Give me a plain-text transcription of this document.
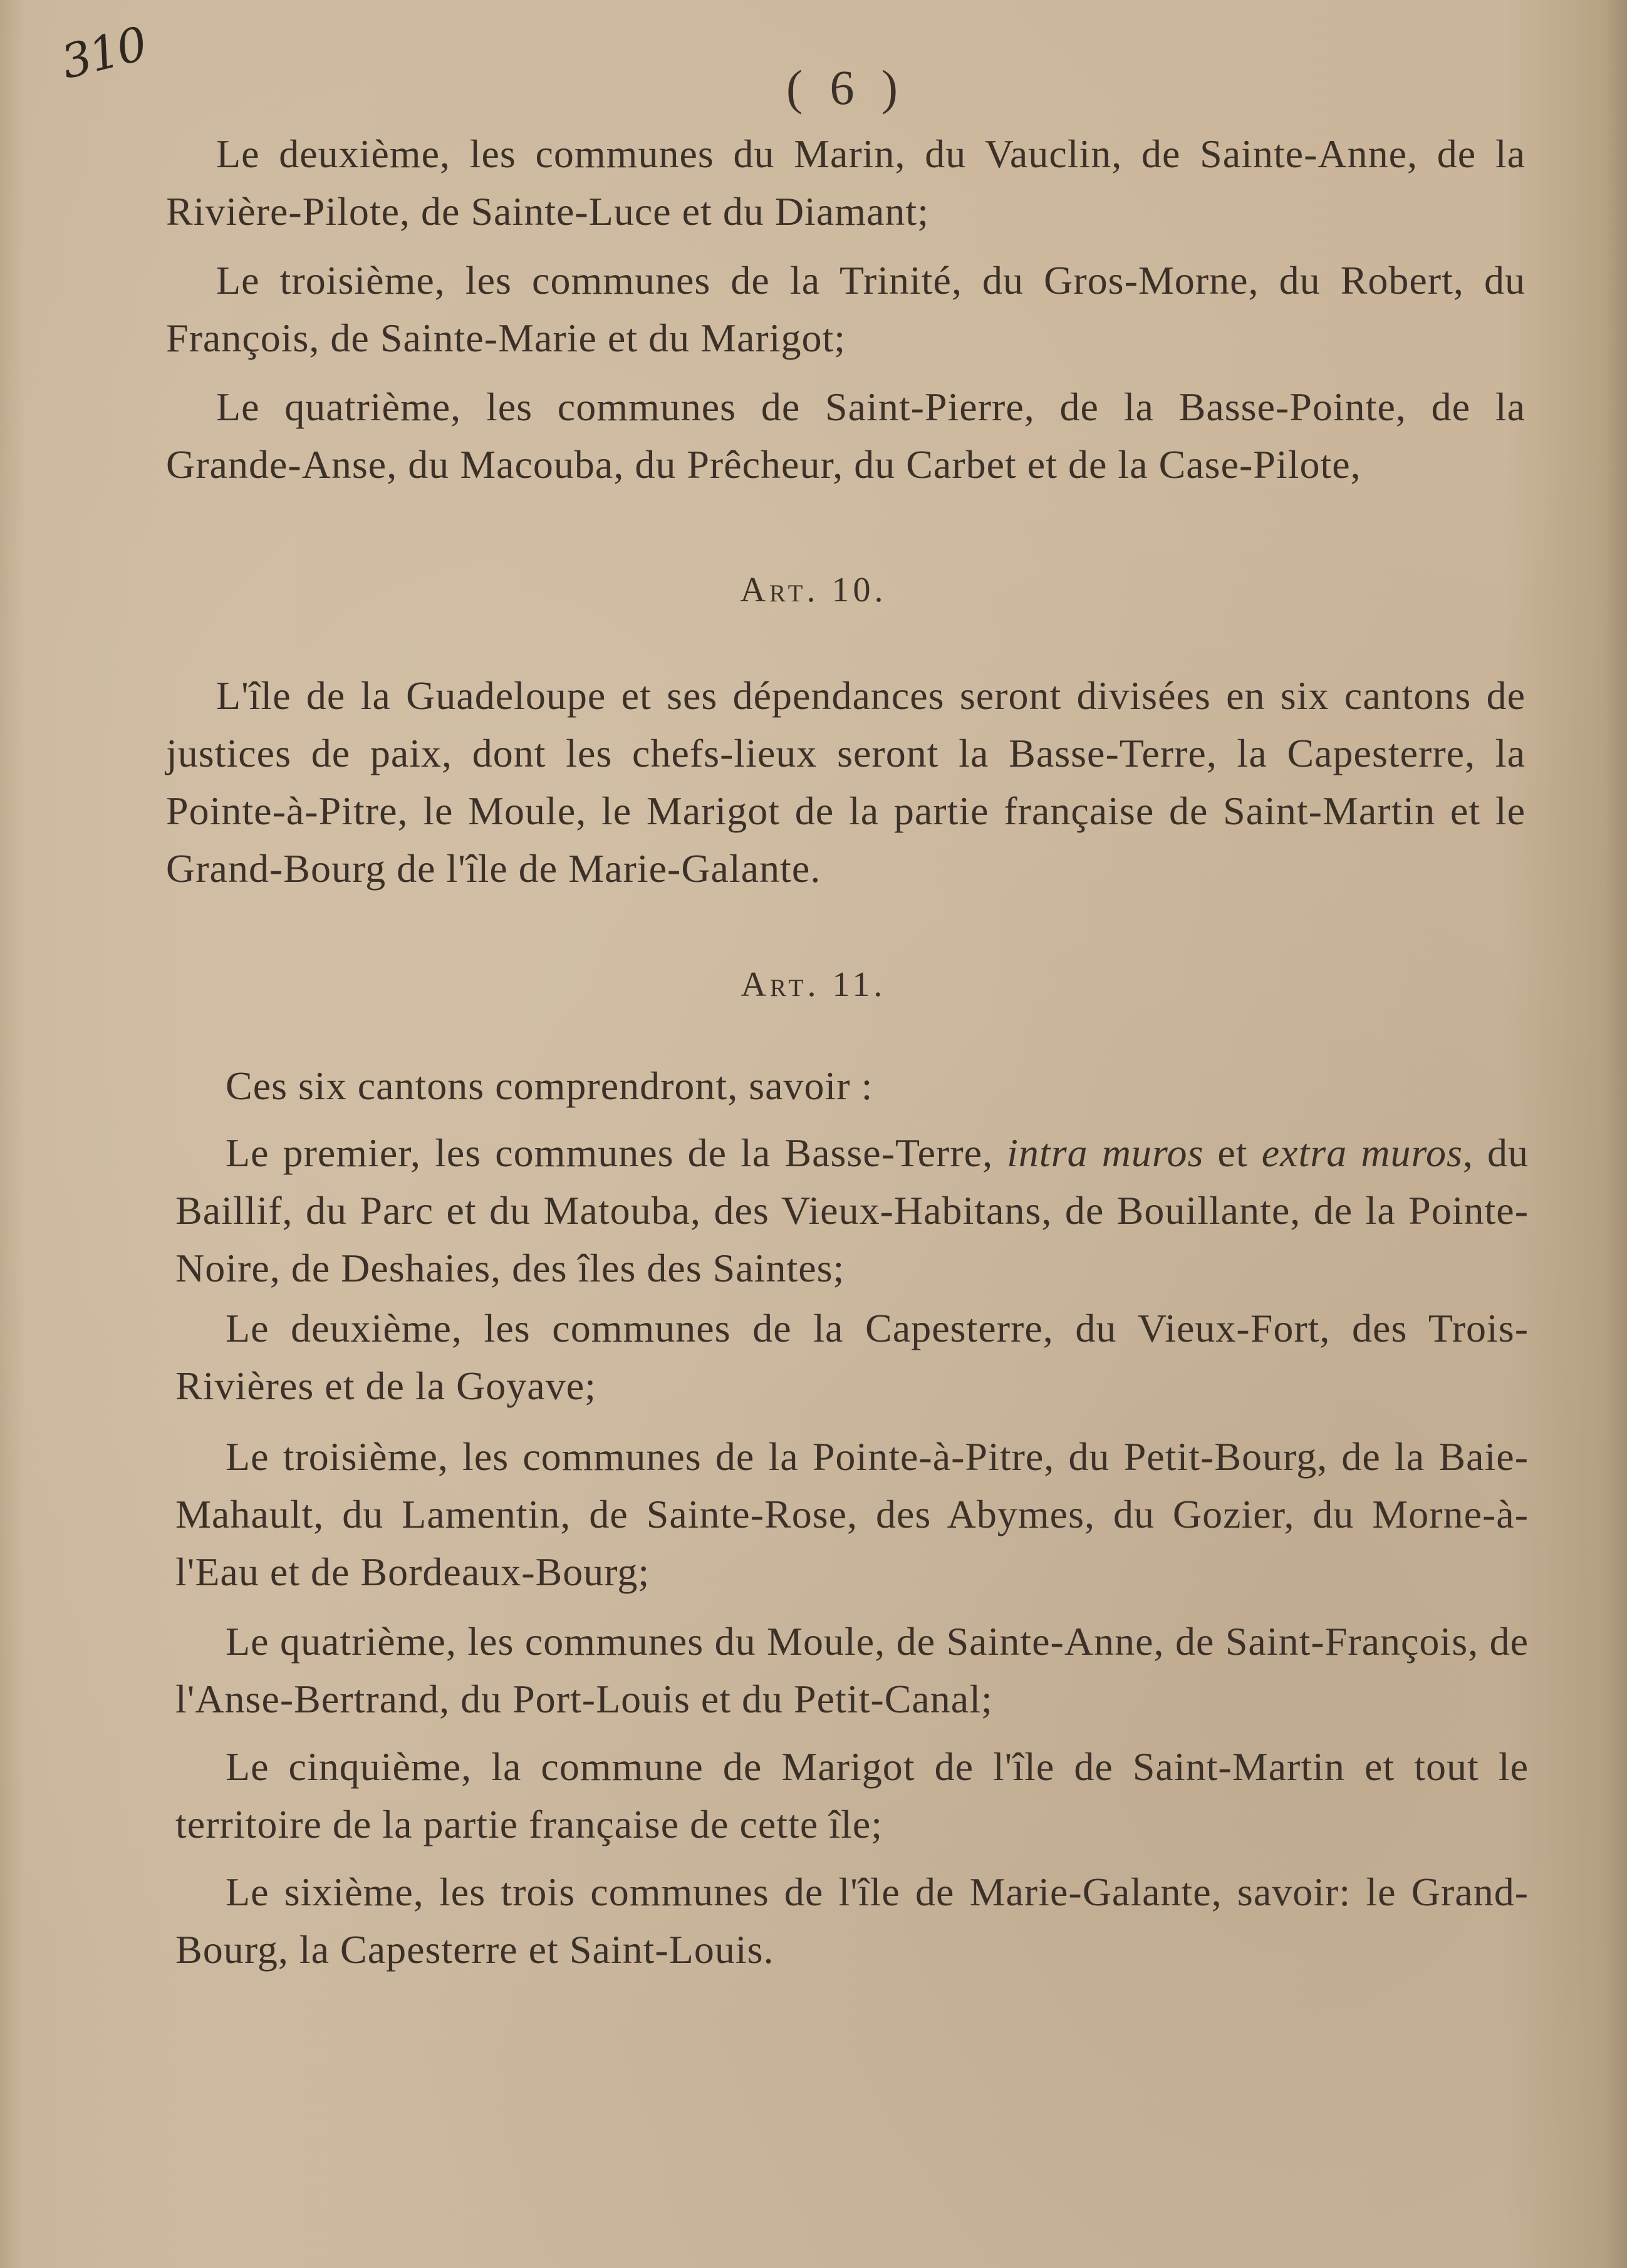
310	( 6 )
Le deuxième, les communes du Marin, du Vauclin, de Sainte-Anne, de la Rivière-Pilote, de Sainte-Luce et du Diamant;
Le troisième, les communes de la Trinité, du Gros-Morne, du Robert, du François, de Sainte-Marie et du Marigot;
Le quatrième, les communes de Saint-Pierre, de la Basse-Pointe, de la Grande-Anse, du Macouba, du Prêcheur, du Carbet et de la Case-Pilote,
Art. 10.
L'île de la Guadeloupe et ses dépendances seront divisées en six cantons de justices de paix, dont les chefs-lieux seront la Basse-Terre, la Capesterre, la Pointe-à-Pitre, le Moule, le Marigot de la partie française de Saint-Martin et le Grand-Bourg de l'île de Marie-Galante.
Art. 11.
Ces six cantons comprendront, savoir :
Le premier, les communes de la Basse-Terre, intra muros et extra muros, du Baillif, du Parc et du Matouba, des Vieux-Habitans, de Bouillante, de la Pointe-Noire, de Deshaies, des îles des Saintes;
Le deuxième, les communes de la Capesterre, du Vieux-Fort, des Trois-Rivières et de la Goyave;
Le troisième, les communes de la Pointe-à-Pitre, du Petit-Bourg, de la Baie-Mahault, du Lamentin, de Sainte-Rose, des Abymes, du Gozier, du Morne-à-l'Eau et de Bordeaux-Bourg;
Le quatrième, les communes du Moule, de Sainte-Anne, de Saint-François, de l'Anse-Bertrand, du Port-Louis et du Petit-Canal;
Le cinquième, la commune de Marigot de l'île de Saint-Martin et tout le territoire de la partie française de cette île;
Le sixième, les trois communes de l'île de Marie-Galante, savoir: le Grand-Bourg, la Capesterre et Saint-Louis.
